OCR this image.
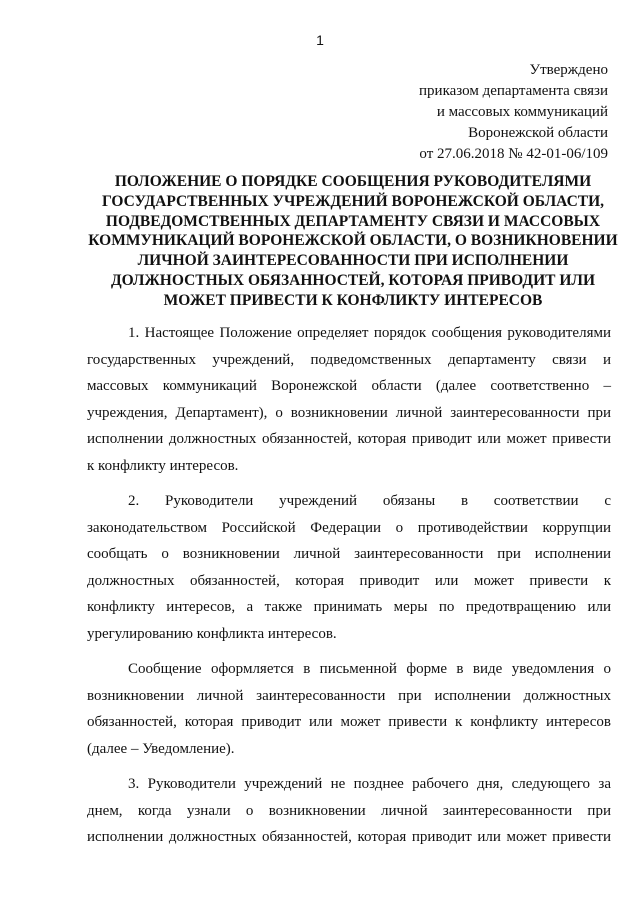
1
Утверждено
приказом департамента связи
и массовых коммуникаций
Воронежской области
от 27.06.2018 № 42-01-06/109
ПОЛОЖЕНИЕ О ПОРЯДКЕ СООБЩЕНИЯ РУКОВОДИТЕЛЯМИ
ГОСУДАРСТВЕННЫХ УЧРЕЖДЕНИЙ ВОРОНЕЖСКОЙ ОБЛАСТИ,
ПОДВЕДОМСТВЕННЫХ ДЕПАРТАМЕНТУ СВЯЗИ И МАССОВЫХ
КОММУНИКАЦИЙ ВОРОНЕЖСКОЙ ОБЛАСТИ, О ВОЗНИКНОВЕНИИ
ЛИЧНОЙ ЗАИНТЕРЕСОВАННОСТИ ПРИ ИСПОЛНЕНИИ
ДОЛЖНОСТНЫХ ОБЯЗАННОСТЕЙ, КОТОРАЯ ПРИВОДИТ ИЛИ
МОЖЕТ ПРИВЕСТИ К КОНФЛИКТУ ИНТЕРЕСОВ
1. Настоящее Положение определяет порядок сообщения руководителями
государственных учреждений, подведомственных департаменту связи и
массовых коммуникаций Воронежской области (далее соответственно –
учреждения, Департамент), о возникновении личной заинтересованности при
исполнении должностных обязанностей, которая приводит или может привести
к конфликту интересов.
2. Руководители учреждений обязаны в соответствии с
законодательством Российской Федерации о противодействии коррупции
сообщать о возникновении личной заинтересованности при исполнении
должностных обязанностей, которая приводит или может привести к
конфликту интересов, а также принимать меры по предотвращению или
урегулированию конфликта интересов.
Сообщение оформляется в письменной форме в виде уведомления о
возникновении личной заинтересованности при исполнении должностных
обязанностей, которая приводит или может привести к конфликту интересов
(далее – Уведомление).
3. Руководители учреждений не позднее рабочего дня, следующего за
днем, когда узнали о возникновении личной заинтересованности при
исполнении должностных обязанностей, которая приводит или может привести
